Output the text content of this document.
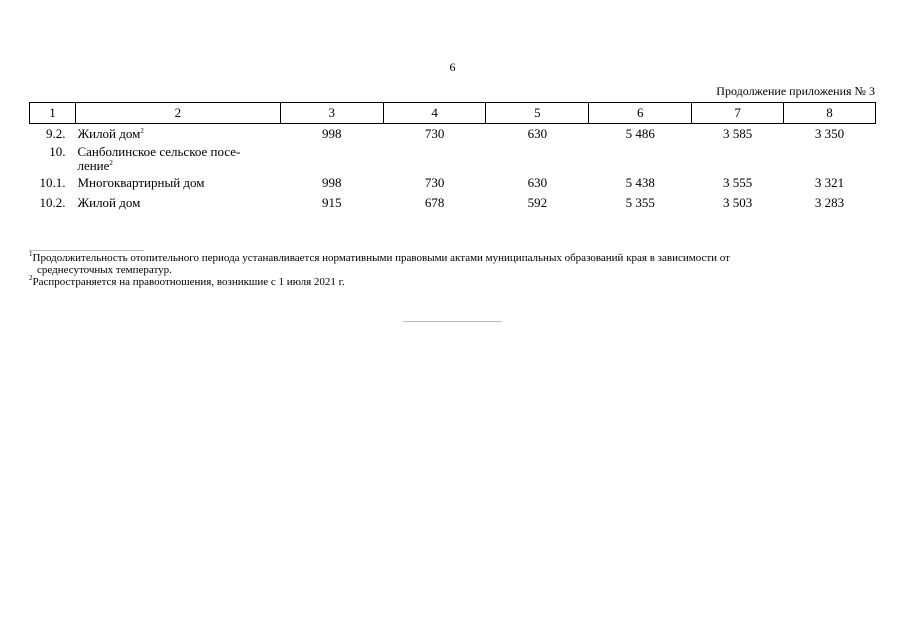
6
Продолжение приложения № 3
1	2	3	4	5	6	7	8
9.2.	Жилой дом$^2$	998	730	630	5 486	3 585	3 350
10.	Санболинское сельское посе-
ление$^2$						
10.1.	Многоквартирный дом	998	730	630	5 438	3 555	3 321
10.2.	Жилой дом	915	678	592	5 355	3 503	3 283
$^1$Продолжительность отопительного периода устанавливается нормативными правовыми актами муниципальных образований края в зависимости от
среднесуточных температур.
$^2$Распространяется на правоотношения, возникшие с 1 июля 2021 г.
